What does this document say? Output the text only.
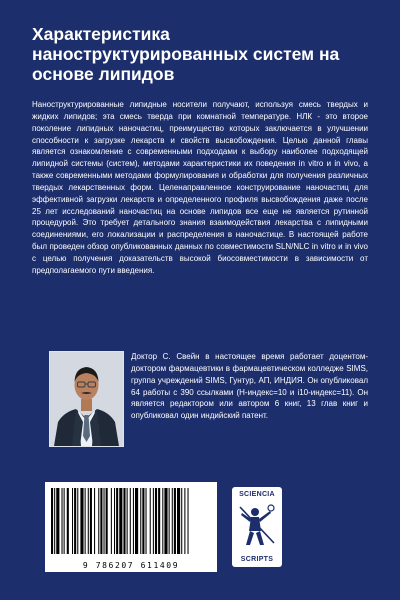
Характеристика наноструктурированных систем на основе липидов

Наноструктурированные липидные носители получают, используя смесь твердых и жидких липидов; эта смесь тверда при комнатной температуре. НЛК - это второе поколение липидных наночастиц, преимущество которых заключается в улучшении способности к загрузке лекарств и свойств высвобождения. Целью данной главы является ознакомление с современными подходами к выбору наиболее подходящей липидной системы (систем), методами характеристики их поведения in vitro и in vivo, а также современными методами формулирования и обработки для получения различных твердых лекарственных форм. Целенаправленное конструирование наночастиц для эффективной загрузки лекарств и определенного профиля высвобождения даже после 25 лет исследований наночастиц на основе липидов все еще не является рутинной процедурой. Это требует детального знания взаимодействия лекарства с липидными соединениями, его локализации и распределения в наночастице. В настоящей работе был проведен обзор опубликованных данных по совместимости SLN/NLC in vitro и in vivo с целью получения доказательств высокой биосовместимости в зависимости от предполагаемого пути введения.

Доктор С. Свейн в настоящее время работает доцентом-доктором фармацевтики в фармацевтическом колледже SIMS, группа учреждений SIMS, Гунтур, АП, ИНДИЯ. Он опубликовал 64 работы с 390 ссылками (H-индекс=10 и i10-индекс=11). Он является редактором или автором 6 книг, 13 глав книг и опубликовал один индийский патент.

9 786207 611409
SCIENCIA
SCRIPTS
